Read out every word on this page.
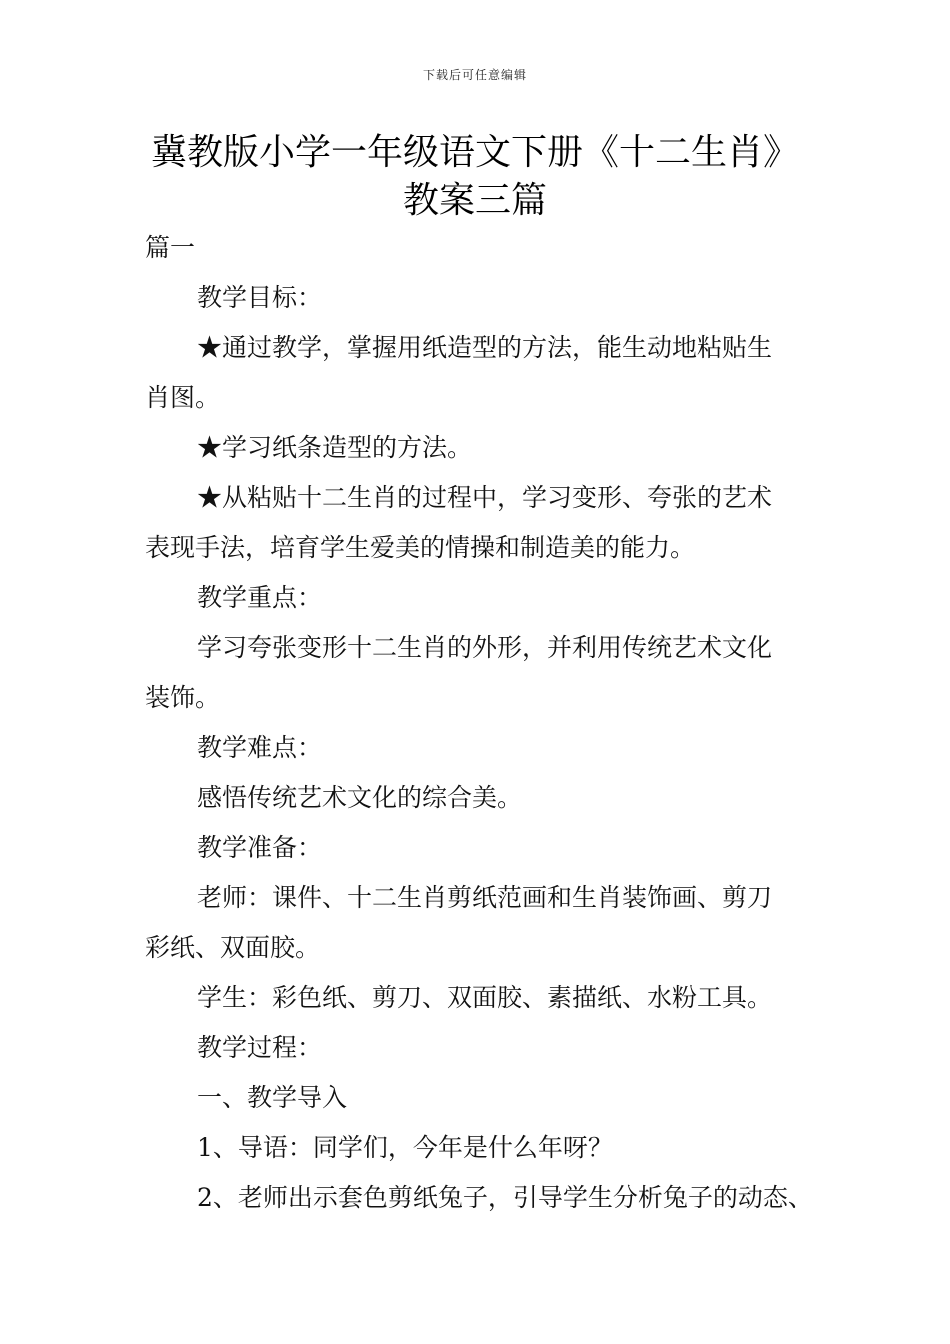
下载后可任意编辑
冀教版小学一年级语文下册《十二生肖》
教案三篇
篇一
教学目标：
★通过教学，掌握用纸造型的方法，能生动地粘贴生
肖图。
★学习纸条造型的方法。
★从粘贴十二生肖的过程中，学习变形、夸张的艺术
表现手法，培育学生爱美的情操和制造美的能力。
教学重点：
学习夸张变形十二生肖的外形，并利用传统艺术文化
装饰。
教学难点：
感悟传统艺术文化的综合美。
教学准备：
老师：课件、十二生肖剪纸范画和生肖装饰画、剪刀
彩纸、双面胶。
学生：彩色纸、剪刀、双面胶、素描纸、水粉工具。
教学过程：
一、教学导入
1、导语：同学们，今年是什么年呀？
2、老师出示套色剪纸兔子，引导学生分析兔子的动态、
